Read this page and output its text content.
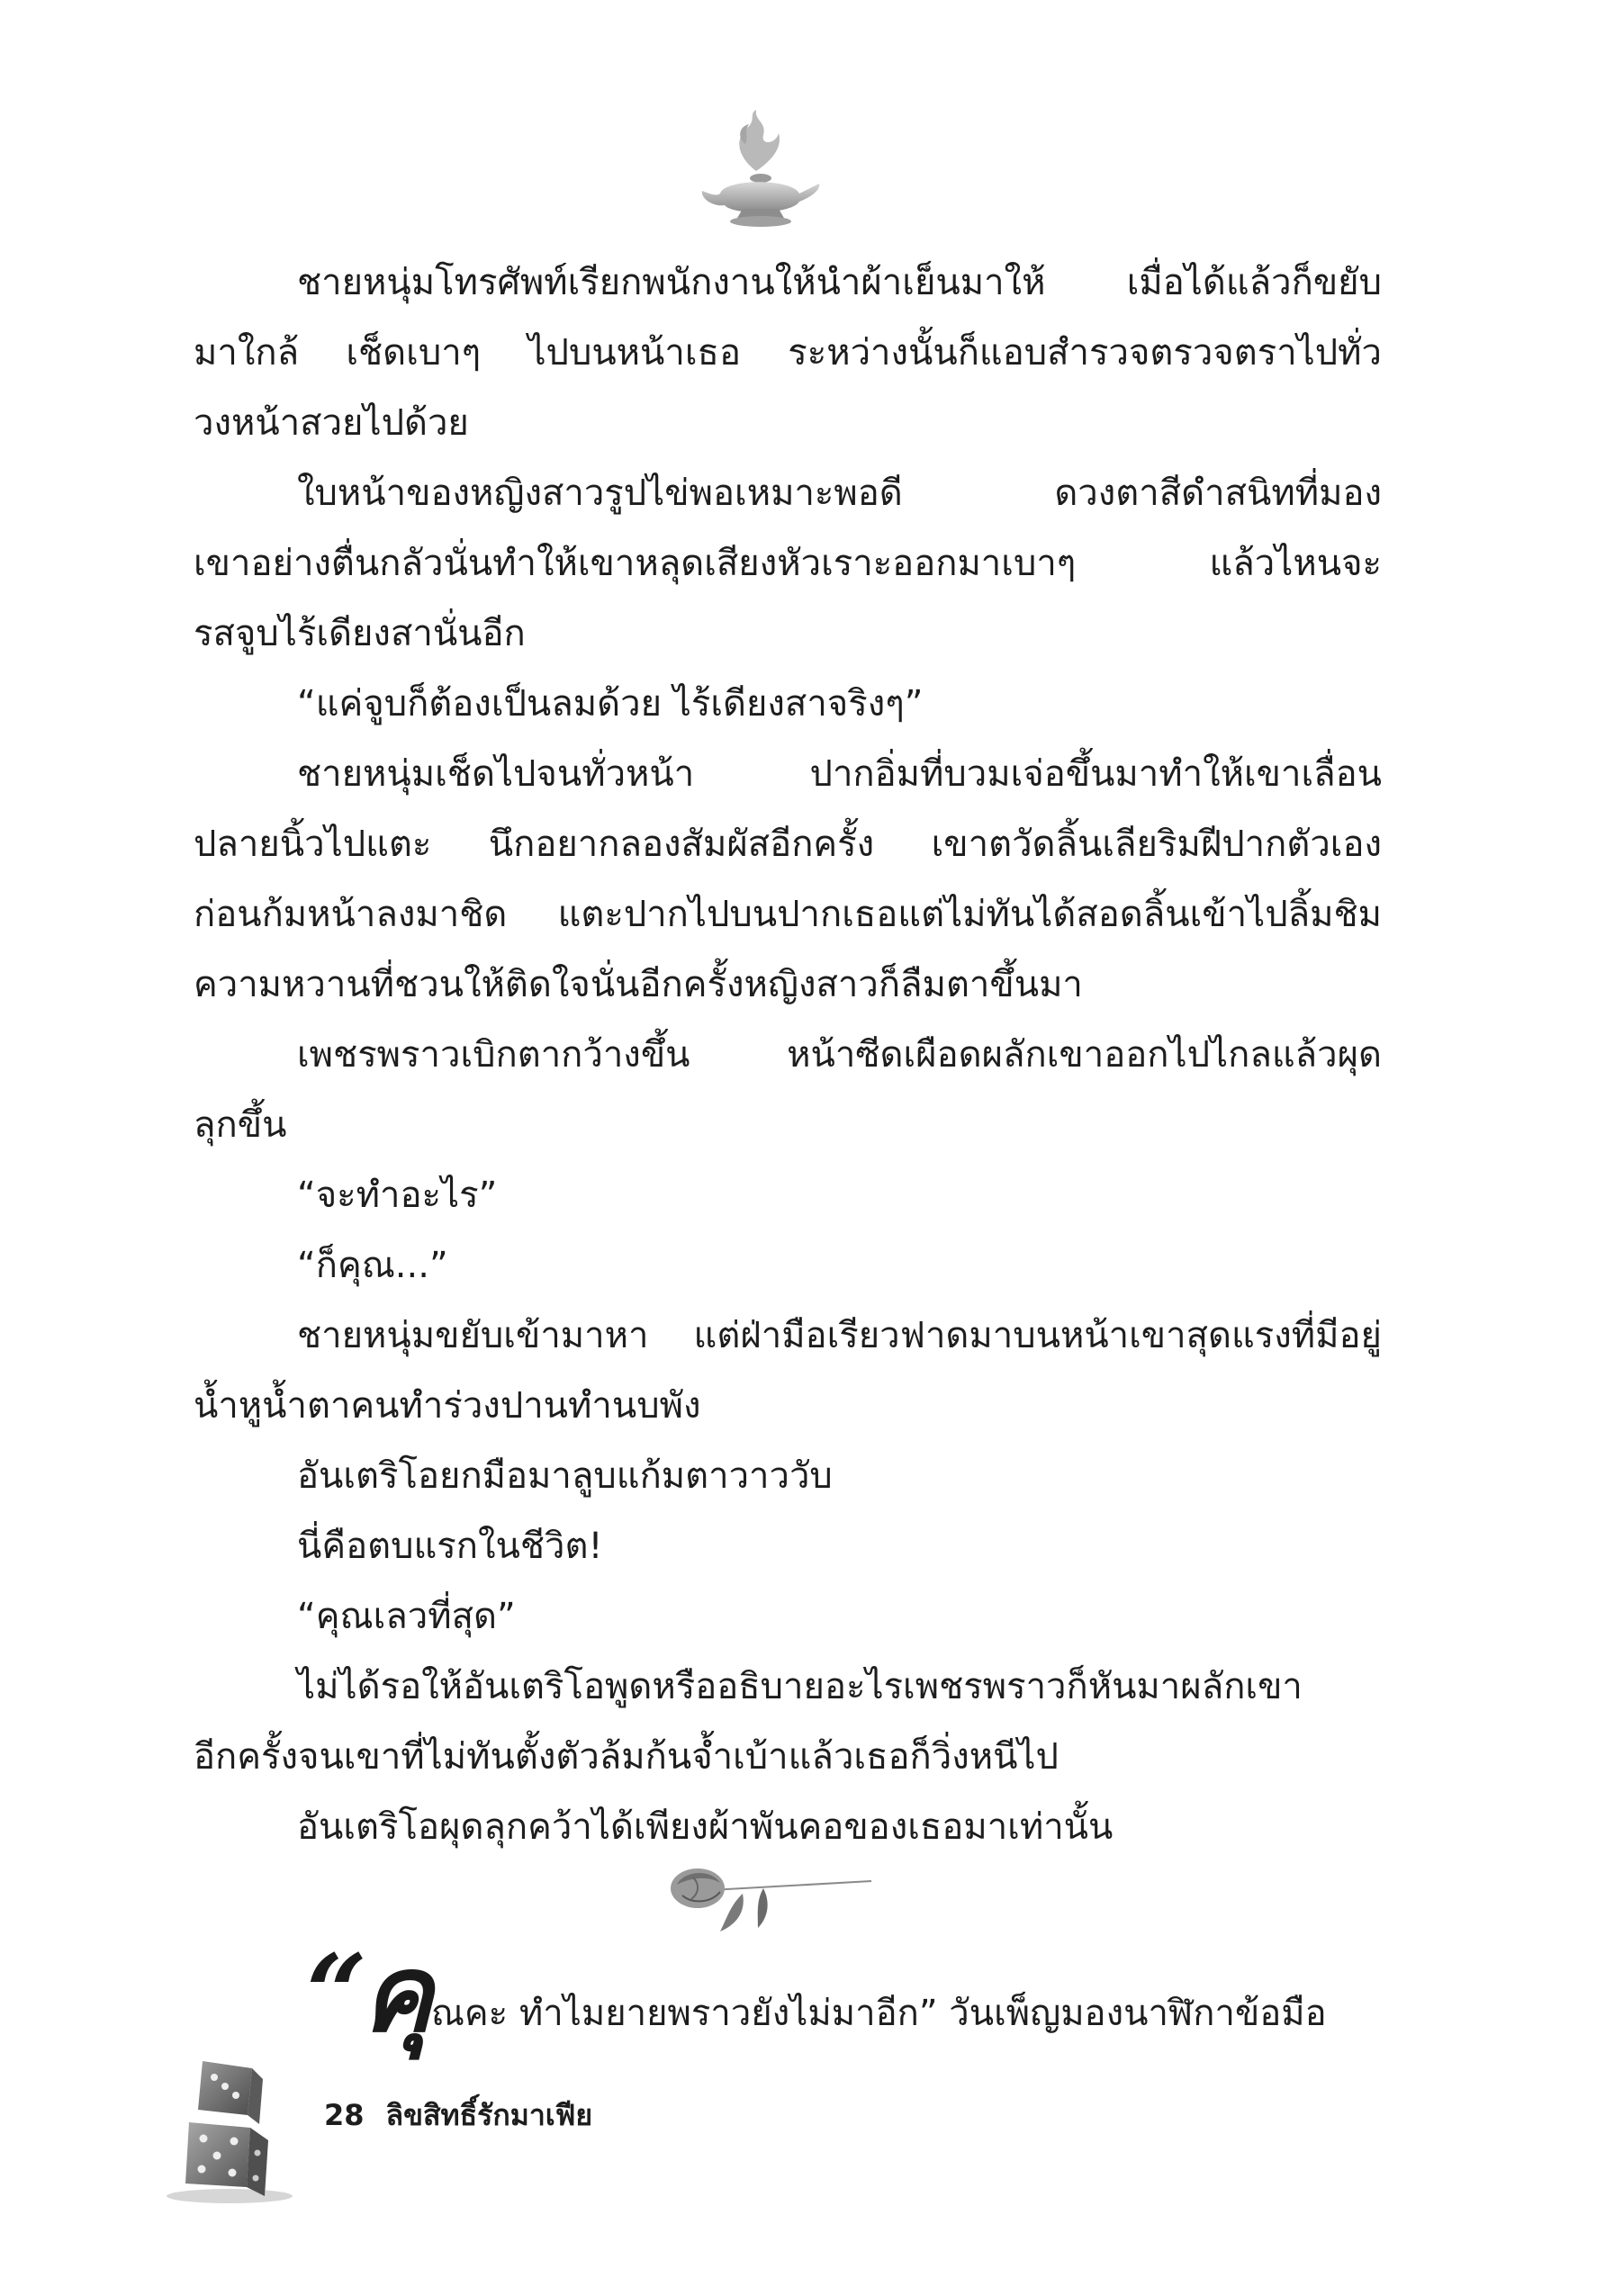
ชายหนุ่มโทรศัพท์เรียกพนักงานให้นำผ้าเย็นมาให้ เมื่อได้แล้วก็ขยับ
มาใกล้ เช็ดเบาๆ ไปบนหน้าเธอ ระหว่างนั้นก็แอบสำรวจตรวจตราไปทั่ว
วงหน้าสวยไปด้วย
ใบหน้าของหญิงสาวรูปไข่พอเหมาะพอดี ดวงตาสีดำสนิทที่มอง
เขาอย่างตื่นกลัวนั่นทำให้เขาหลุดเสียงหัวเราะออกมาเบาๆ แล้วไหนจะ
รสจูบไร้เดียงสานั่นอีก
“แค่จูบก็ต้องเป็นลมด้วย ไร้เดียงสาจริงๆ”
ชายหนุ่มเช็ดไปจนทั่วหน้า ปากอิ่มที่บวมเจ่อขึ้นมาทำให้เขาเลื่อน
ปลายนิ้วไปแตะ นึกอยากลองสัมผัสอีกครั้ง เขาตวัดลิ้นเลียริมฝีปากตัวเอง
ก่อนก้มหน้าลงมาชิด แตะปากไปบนปากเธอแต่ไม่ทันได้สอดลิ้นเข้าไปลิ้มชิม
ความหวานที่ชวนให้ติดใจนั่นอีกครั้งหญิงสาวก็ลืมตาขึ้นมา
เพชรพราวเบิกตากว้างขึ้น หน้าซีดเผือดผลักเขาออกไปไกลแล้วผุด
ลุกขึ้น
“จะทำอะไร”
“ก็คุณ...”
ชายหนุ่มขยับเข้ามาหา แต่ฝ่ามือเรียวฟาดมาบนหน้าเขาสุดแรงที่มีอยู่
น้ำหูน้ำตาคนทำร่วงปานทำนบพัง
อันเตริโอยกมือมาลูบแก้มตาวาววับ
นี่คือตบแรกในชีวิต!
“คุณเลวที่สุด”
ไม่ได้รอให้อันเตริโอพูดหรืออธิบายอะไรเพชรพราวก็หันมาผลักเขา
อีกครั้งจนเขาที่ไม่ทันตั้งตัวล้มก้นจ้ำเบ้าแล้วเธอก็วิ่งหนีไป
อันเตริโอผุดลุกคว้าได้เพียงผ้าพันคอของเธอมาเท่านั้น
“คุ ณคะ ทำไมยายพราวยังไม่มาอีก” วันเพ็ญมองนาฬิกาข้อมือ
28 ลิขสิทธิ์รักมาเฟีย
